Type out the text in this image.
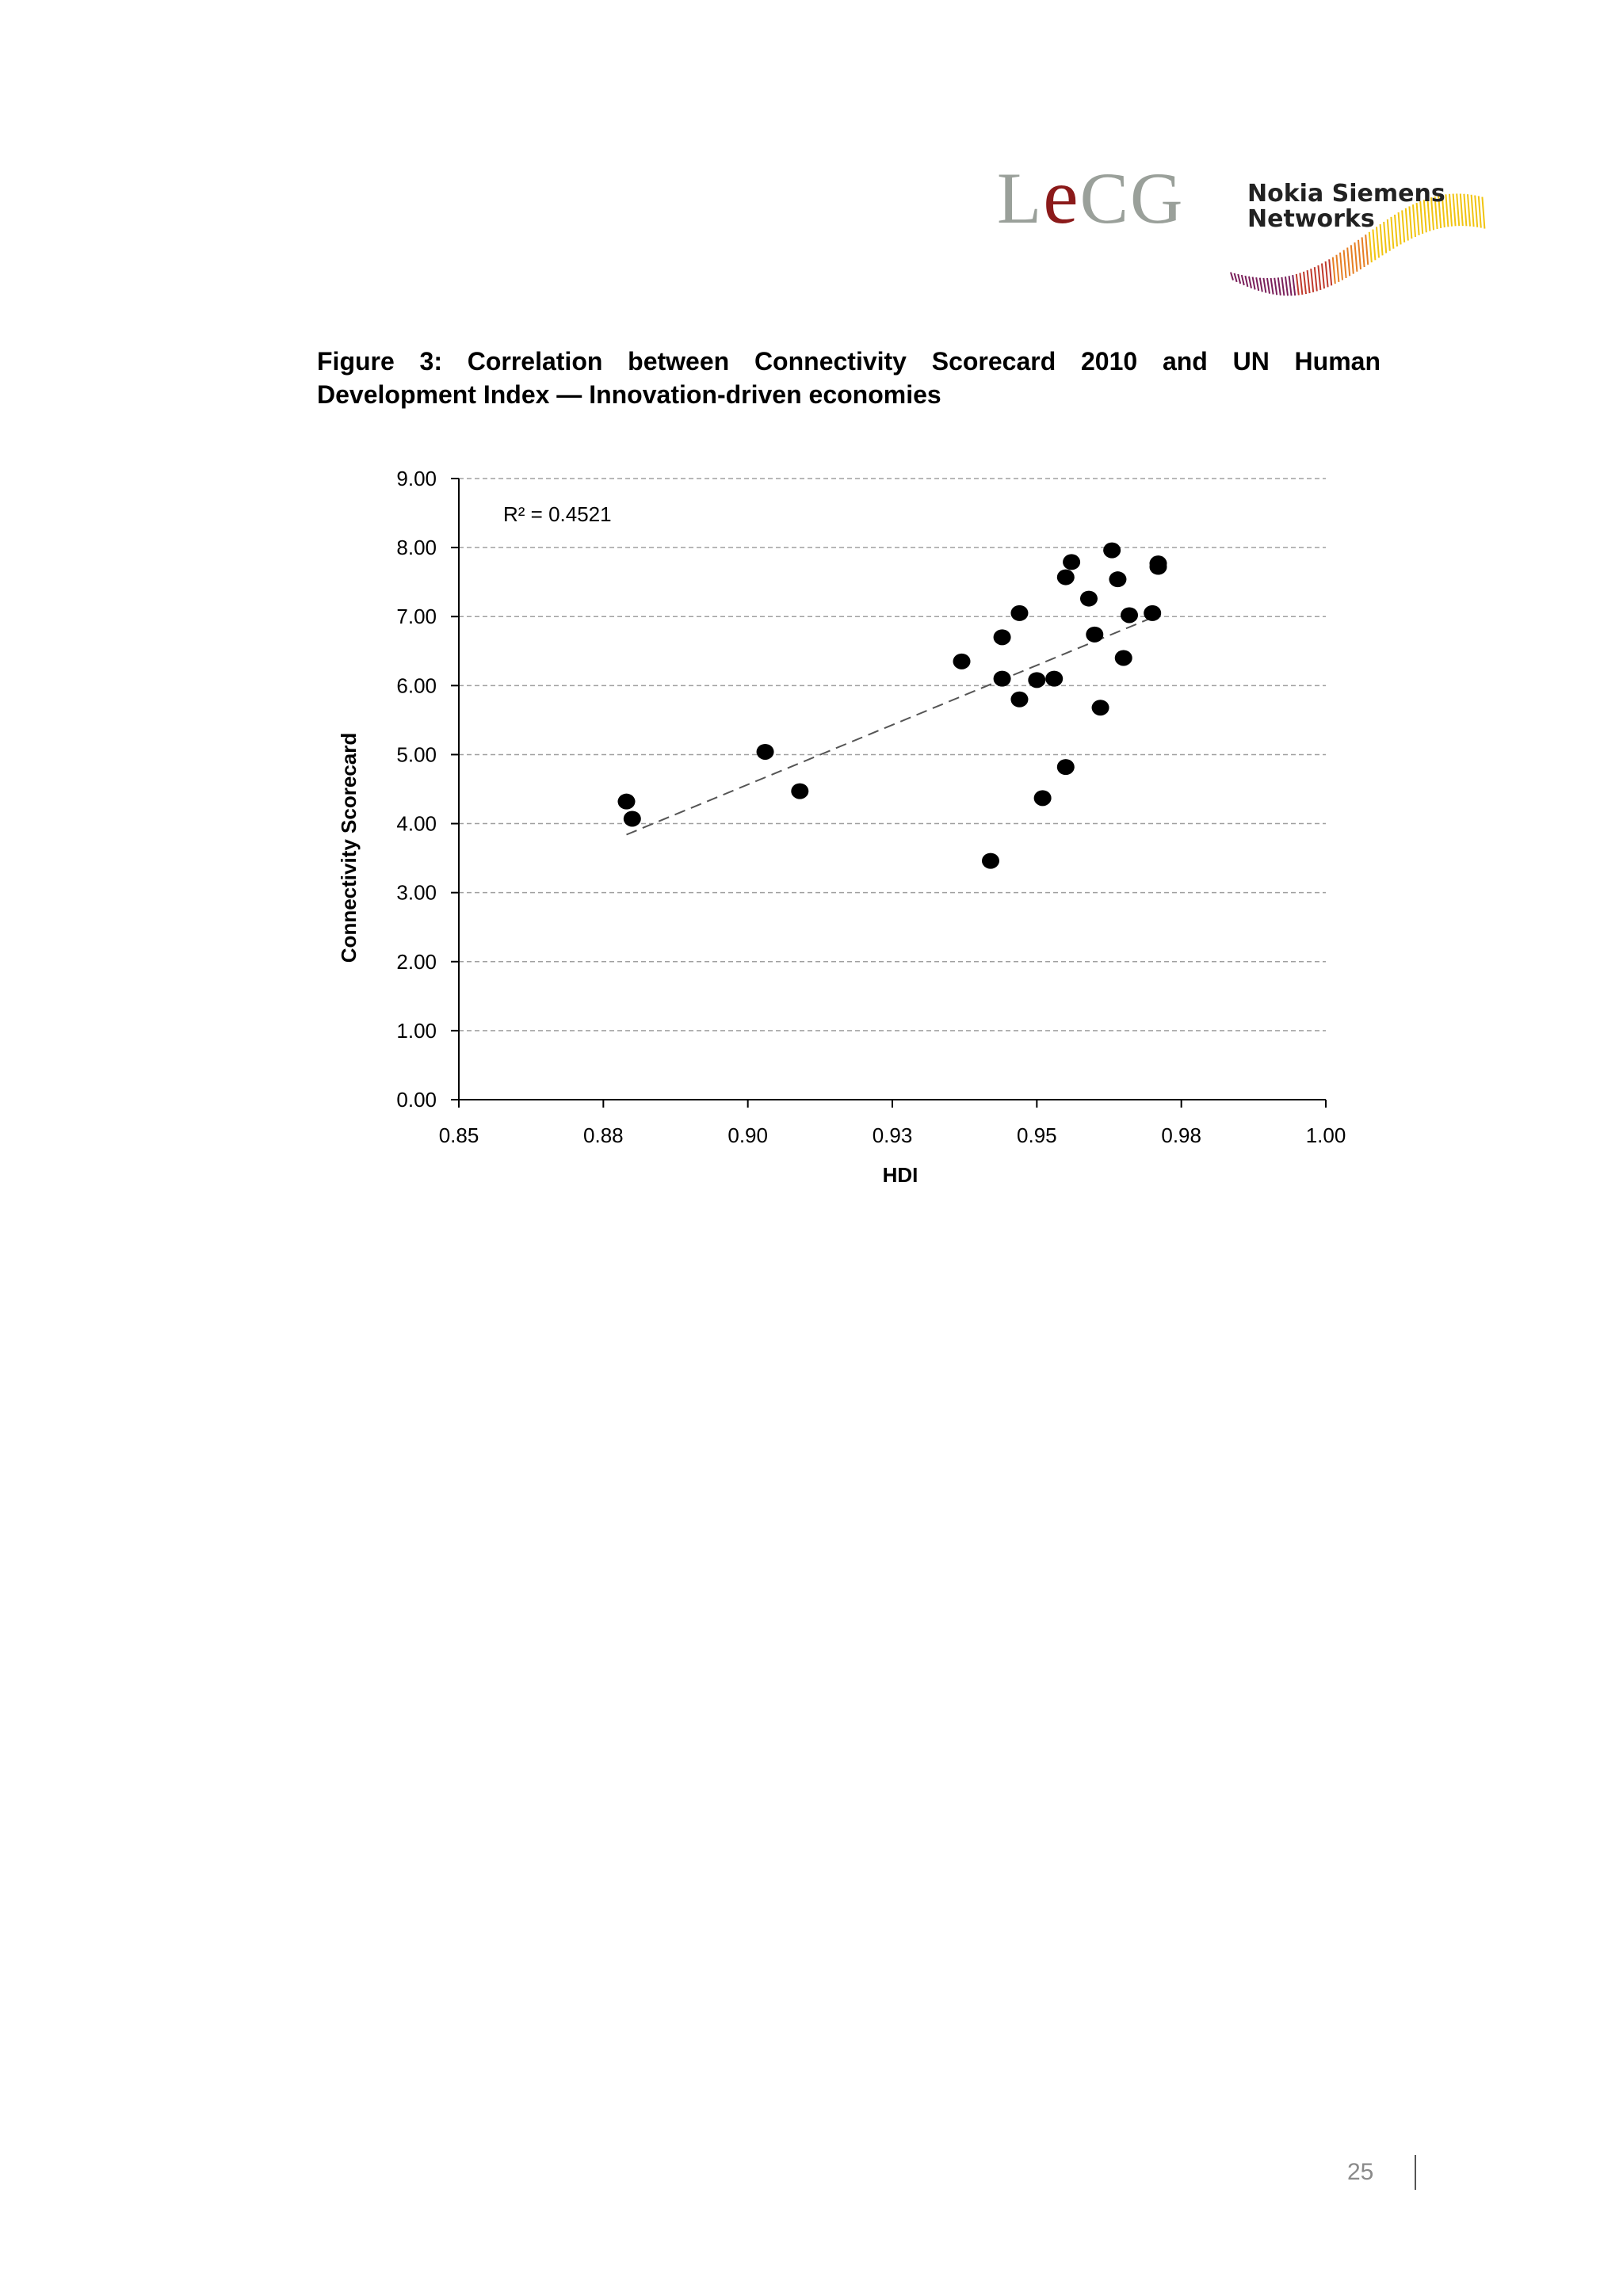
LeCG	Nokia Siemens
Networks
Figure 3: Correlation between Connectivity Scorecard 2010 and UN Human Development Index — Innovation-driven economies
0.00
1.00
2.00
3.00
4.00
5.00
6.00
7.00
8.00
9.00
0.85	0.88	0.90	0.93	0.95	0.98	1.00
R² = 0.4521
HDI
Connectivity Scorecard
25
